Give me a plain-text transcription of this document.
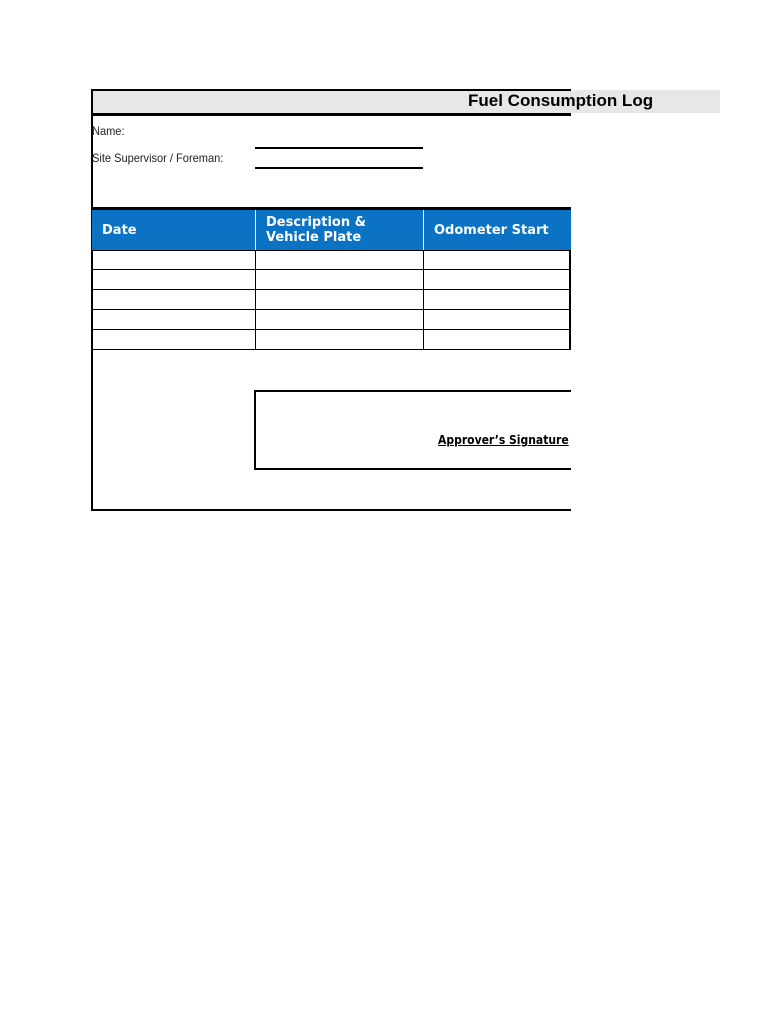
Fuel Consumption Log
Name:
Site Supervisor / Foreman:
Date	Description & Vehicle Plate	Odometer Start
Approver’s Signature
